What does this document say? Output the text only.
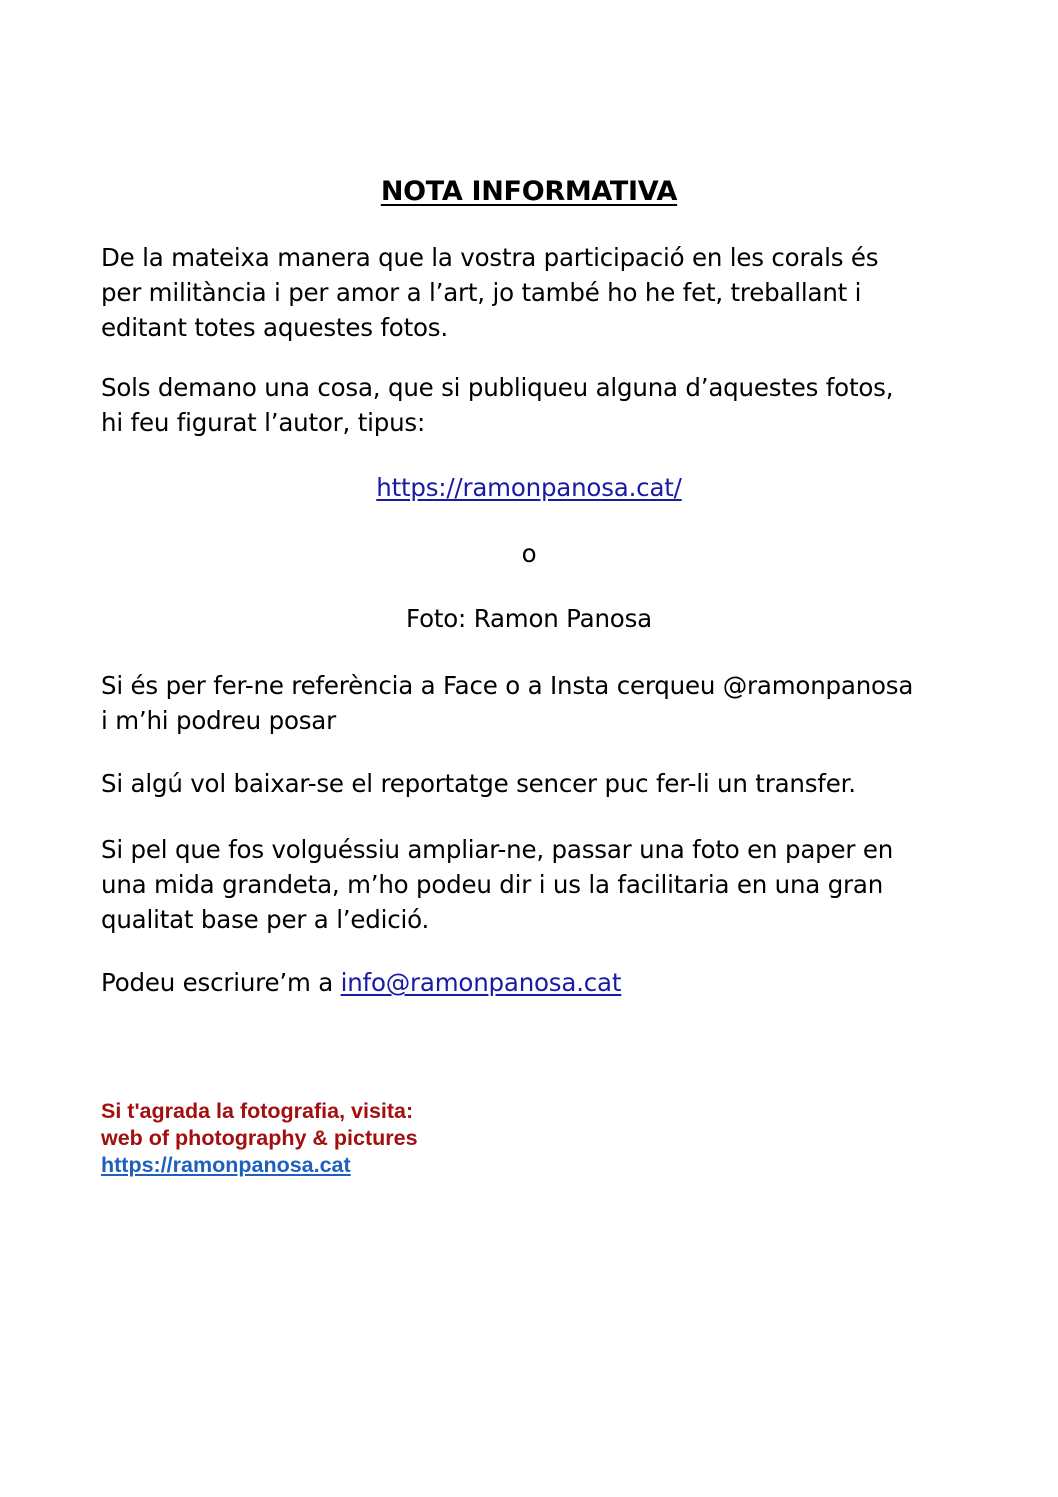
NOTA INFORMATIVA

De la mateixa manera que la vostra participació en les corals és
per militància i per amor a l’art, jo també ho he fet, treballant i
editant totes aquestes fotos.

Sols demano una cosa, que si publiqueu alguna d’aquestes fotos,
hi feu figurat l’autor, tipus:

https://ramonpanosa.cat/
o
Foto: Ramon Panosa

Si és per fer-ne referència a Face o a Insta cerqueu @ramonpanosa
i m’hi podreu posar

Si algú vol baixar-se el reportatge sencer puc fer-li un transfer.

Si pel que fos volguéssiu ampliar-ne, passar una foto en paper en
una mida grandeta, m’ho podeu dir i us la facilitaria en una gran
qualitat base per a l’edició.

Podeu escriure’m a info@ramonpanosa.cat

Si t'agrada la fotografia, visita:
web of photography & pictures
https://ramonpanosa.cat
